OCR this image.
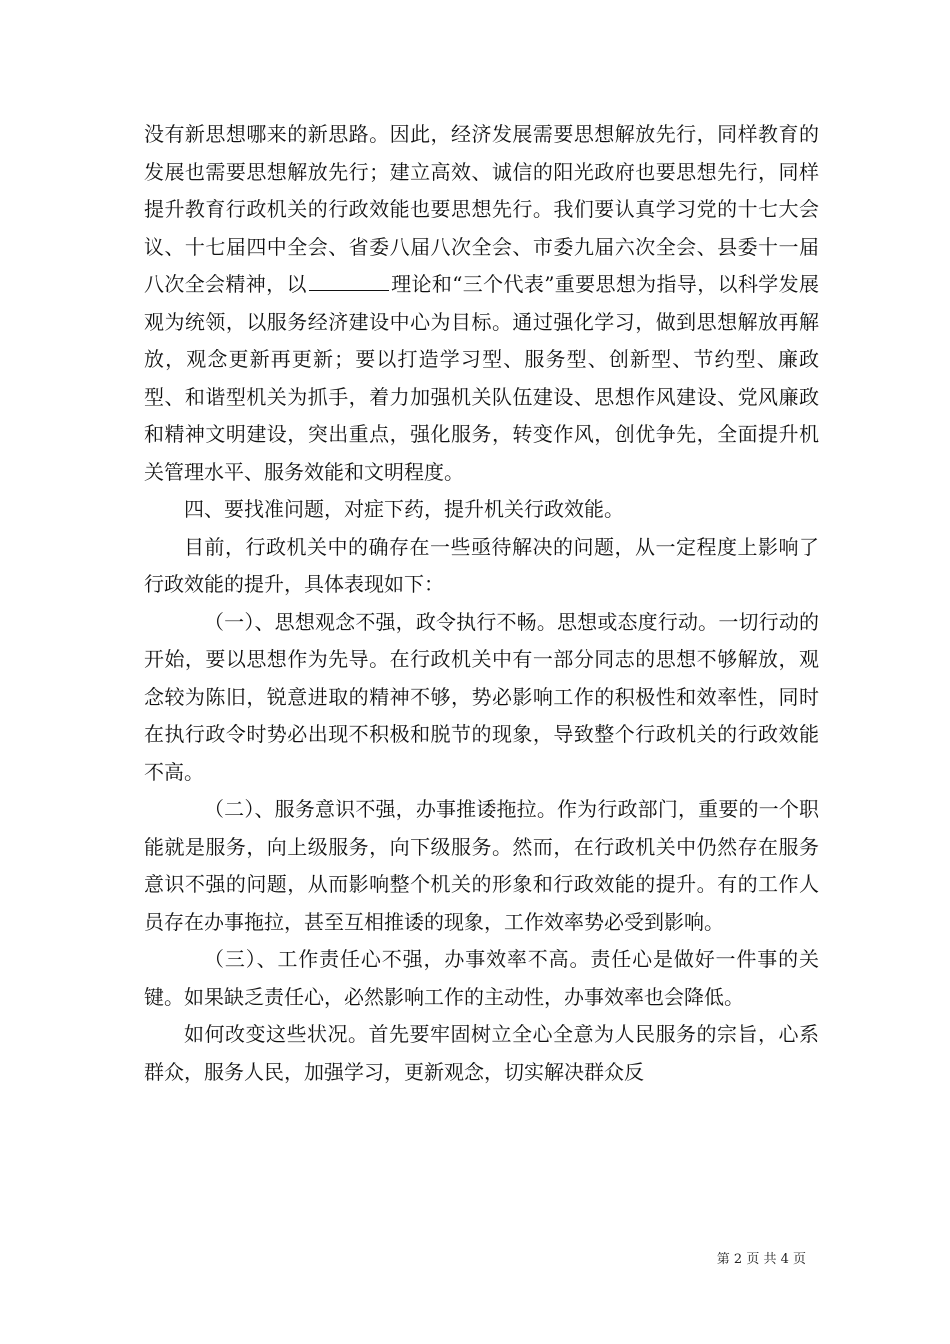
没有新思想哪来的新思路。因此，经济发展需要思想解放先行，同样教育的发展也需要思想解放先行；建立高效、诚信的阳光政府也要思想先行，同样提升教育行政机关的行政效能也要思想先行。我们要认真学习党的十七大会议、十七届四中全会、省委八届八次全会、市委九届六次全会、县委十一届八次全会精神，以	理论和“三个代表”重要思想为指导，以科学发展观为统领，以服务经济建设中心为目标。通过强化学习，做到思想解放再解放，观念更新再更新；要以打造学习型、服务型、创新型、节约型、廉政型、和谐型机关为抓手，着力加强机关队伍建设、思想作风建设、党风廉政和精神文明建设，突出重点，强化服务，转变作风，创优争先，全面提升机关管理水平、服务效能和文明程度。

四、要找准问题，对症下药，提升机关行政效能。

目前，行政机关中的确存在一些亟待解决的问题，从一定程度上影响了行政效能的提升，具体表现如下：

（一）、思想观念不强，政令执行不畅。思想或态度行动。一切行动的开始，要以思想作为先导。在行政机关中有一部分同志的思想不够解放，观念较为陈旧，锐意进取的精神不够，势必影响工作的积极性和效率性，同时在执行政令时势必出现不积极和脱节的现象，导致整个行政机关的行政效能不高。

（二）、服务意识不强，办事推诿拖拉。作为行政部门，重要的一个职能就是服务，向上级服务，向下级服务。然而，在行政机关中仍然存在服务意识不强的问题，从而影响整个机关的形象和行政效能的提升。有的工作人员存在办事拖拉，甚至互相推诿的现象，工作效率势必受到影响。

（三）、工作责任心不强，办事效率不高。责任心是做好一件事的关键。如果缺乏责任心，必然影响工作的主动性，办事效率也会降低。

如何改变这些状况。首先要牢固树立全心全意为人民服务的宗旨，心系群众，服务人民，加强学习，更新观念，切实解决群众反

第 2 页 共 4 页
